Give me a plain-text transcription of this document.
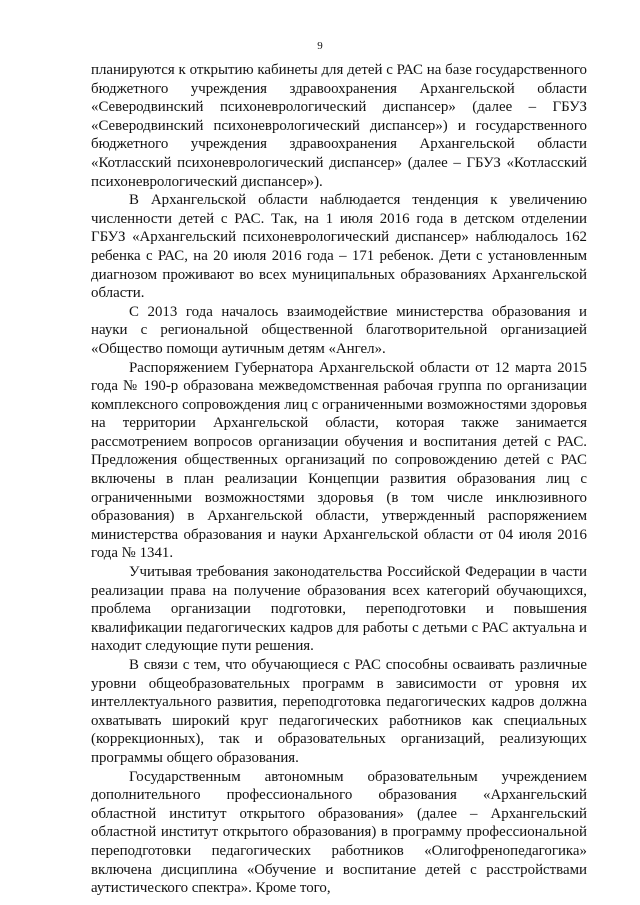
9

планируются к открытию кабинеты для детей с РАС на базе государственного бюджетного учреждения здравоохранения Архангельской области «Северодвинский психоневрологический диспансер» (далее – ГБУЗ «Северодвинский психоневрологический диспансер») и государственного бюджетного учреждения здравоохранения Архангельской области «Котласский психоневрологический диспансер» (далее – ГБУЗ «Котласский психоневрологический диспансер»).

В Архангельской области наблюдается тенденция к увеличению численности детей с РАС. Так, на 1 июля 2016 года в детском отделении ГБУЗ «Архангельский психоневрологический диспансер» наблюдалось 162 ребенка с РАС, на 20 июля 2016 года – 171 ребенок. Дети с установленным диагнозом проживают во всех муниципальных образованиях Архангельской области.

С 2013 года началось взаимодействие министерства образования и науки с региональной общественной благотворительной организацией «Общество помощи аутичным детям «Ангел».

Распоряжением Губернатора Архангельской области от 12 марта 2015 года № 190-р образована межведомственная рабочая группа по организации комплексного сопровождения лиц с ограниченными возможностями здоровья на территории Архангельской области, которая также занимается рассмотрением вопросов организации обучения и воспитания детей с РАС. Предложения общественных организаций по сопровождению детей с РАС включены в план реализации Концепции развития образования лиц с ограниченными возможностями здоровья (в том числе инклюзивного образования) в Архангельской области, утвержденный распоряжением министерства образования и науки Архангельской области от 04 июля 2016 года № 1341.

Учитывая требования законодательства Российской Федерации в части реализации права на получение образования всех категорий обучающихся, проблема организации подготовки, переподготовки и повышения квалификации педагогических кадров для работы с детьми с РАС актуальна и находит следующие пути решения.

В связи с тем, что обучающиеся с РАС способны осваивать различные уровни общеобразовательных программ в зависимости от уровня их интеллектуального развития, переподготовка педагогических кадров должна охватывать широкий круг педагогических работников как специальных (коррекционных), так и образовательных организаций, реализующих программы общего образования.

Государственным автономным образовательным учреждением дополнительного профессионального образования «Архангельский областной институт открытого образования» (далее – Архангельский областной институт открытого образования) в программу профессиональной переподготовки педагогических работников «Олигофренопедагогика» включена дисциплина «Обучение и воспитание детей с расстройствами аутистического спектра». Кроме того,
